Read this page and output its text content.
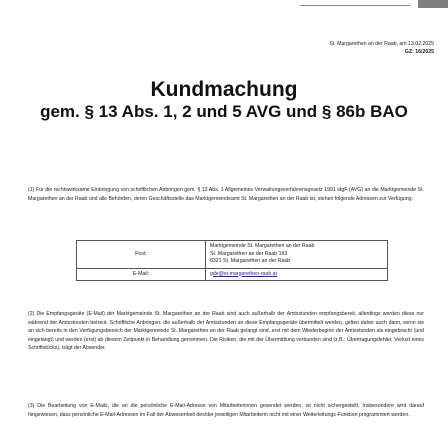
St. Margarethen an der Raab, am 13.02.2025
GZ: 16/2025
Kundmachung
gem. § 13 Abs. 1, 2 und 5 AVG und § 86b BAO
(1) Für die rechtswirksame Einbringung von schriftlichen Anbringen gem. § 13 Abs. 1 Allgemeines Verwaltungsverfahrensgesetz 1991 idgF (AVG) an die Marktgemeinde St. Margarethen an der Raab und alle Behörden, deren Geschäftsstelle das Marktgemeindeamt St. Margarethen an der Raab ist, stehen folgende Adressen zur Verfügung:
Post:	Marktgemeinde St. Margarethen an der Raab
St. Margarethen an der Raab 163
8321 St. Margarethen an der Raab

E-Mail:	gde@st-margarethen-raab.at
(2) Die Empfangsgeräte (E-Mail) der Marktgemeinde St. Margarethen an der Raab sind auch außerhalb der Amtsstunden empfangsbereit, allerdings werden diese nur während der Amtsstunden betreut. Schriftliche Anbringen, die außerhalb der Amtsstunden an diese Empfangsgeräte übermittelt werden, gelten daher auch dann, wenn sie an sich bereits in den Verfügungsbereich der Marktgemeinde St. Margarethen an der Raab gelangt sind, erst mit dem Wiederbeginn der Amtsstunden als eingebracht (und eingelangt) und werden (erst) ab diesem Zeitpunkt in Behandlung genommen. Die Risiken, die mit der Übermittlung verbunden sind (z.B.: Übertragungsfehler, Verlust eines Schriftstücks), trägt der Absender.
(3) Die Bearbeitung von E-Mails, die an die persönliche E-Mail-Adresse von Mitarbeiterinnen gesendet werden, ist nicht sichergestellt. Insbesondere wird darauf hingewiesen, dass persönliche E-Mail-Adressen im Fall der Abwesenheit des/der jeweiligen Mitarbeiterin nicht mit einer Weiterleitungs-Funktion programmiert werden.
